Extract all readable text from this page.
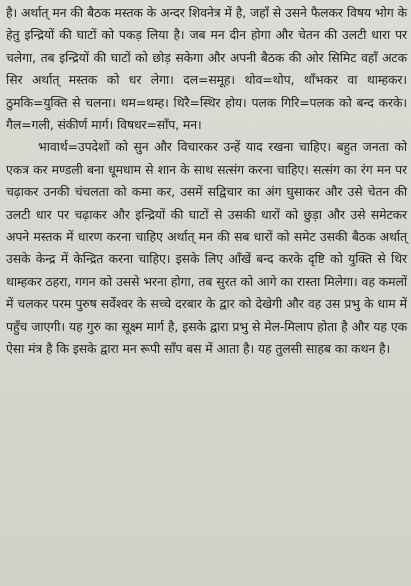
है। अर्थात् मन की बैठक मस्तक के अन्दर शिवनेत्र में है, जहाँ से उसने फैलकर विषय भोग के हेतु इन्द्रियों की घाटों को पकड़ लिया है। जब मन दीन होगा और चेतन की उलटी धारा पर चलेगा, तब इन्द्रियों की घाटों को छोड़ सकेगा और अपनी बैठक की ओर सिमिट वहाँ अटक सिर अर्थात् मस्तक को धर लेगा। दल=समूह। थोव=थोप, थाँभकर वा थाम्हकर। ठुमकि=युक्ति से चलना। थम=थम्ह। थिरै=स्थिर होय। पलक गिरि=पलक को बन्द करके। गैल=गली, संकीर्ण मार्ग। विषधर=साँप, मन।

भावार्थ=उपदेशों को सुन और विचारकर उन्हें याद रखना चाहिए। बहुत जनता को एकत्र कर मण्डली बना धूमधाम से शान के साथ सत्संग करना चाहिए। सत्संग का रंग मन पर चढ़ाकर उनकी चंचलता को कमा कर, उसमें सद्विचार का अंग घुसाकर और उसे चेतन की उलटी धार पर चढ़ाकर और इन्द्रियों की घाटों से उसकी धारों को छुड़ा और उसे समेटकर अपने मस्तक में धारण करना चाहिए अर्थात् मन की सब धारों को समेट उसकी बैठक अर्थात् उसके केन्द्र में केन्द्रित करना चाहिए। इसके लिए आँखें बन्द करके दृष्टि को युक्ति से थिर थाम्हकर ठहरा, गगन को उससे भरना होगा, तब सुरत को आगे का रास्ता मिलेगा। वह कमलों में चलकर परम पुरुष सर्वेश्वर के सच्चे दरबार के द्वार को देखेगी और वह उस प्रभु के धाम में पहुँच जाएगी। यह गुरु का सूक्ष्म मार्ग है, इसके द्वारा प्रभु से मेल-मिलाप होता है और यह एक ऐसा मंत्र है कि इसके द्वारा मन रूपी साँप बस में आता है। यह तुलसी साहब का कथन है।
